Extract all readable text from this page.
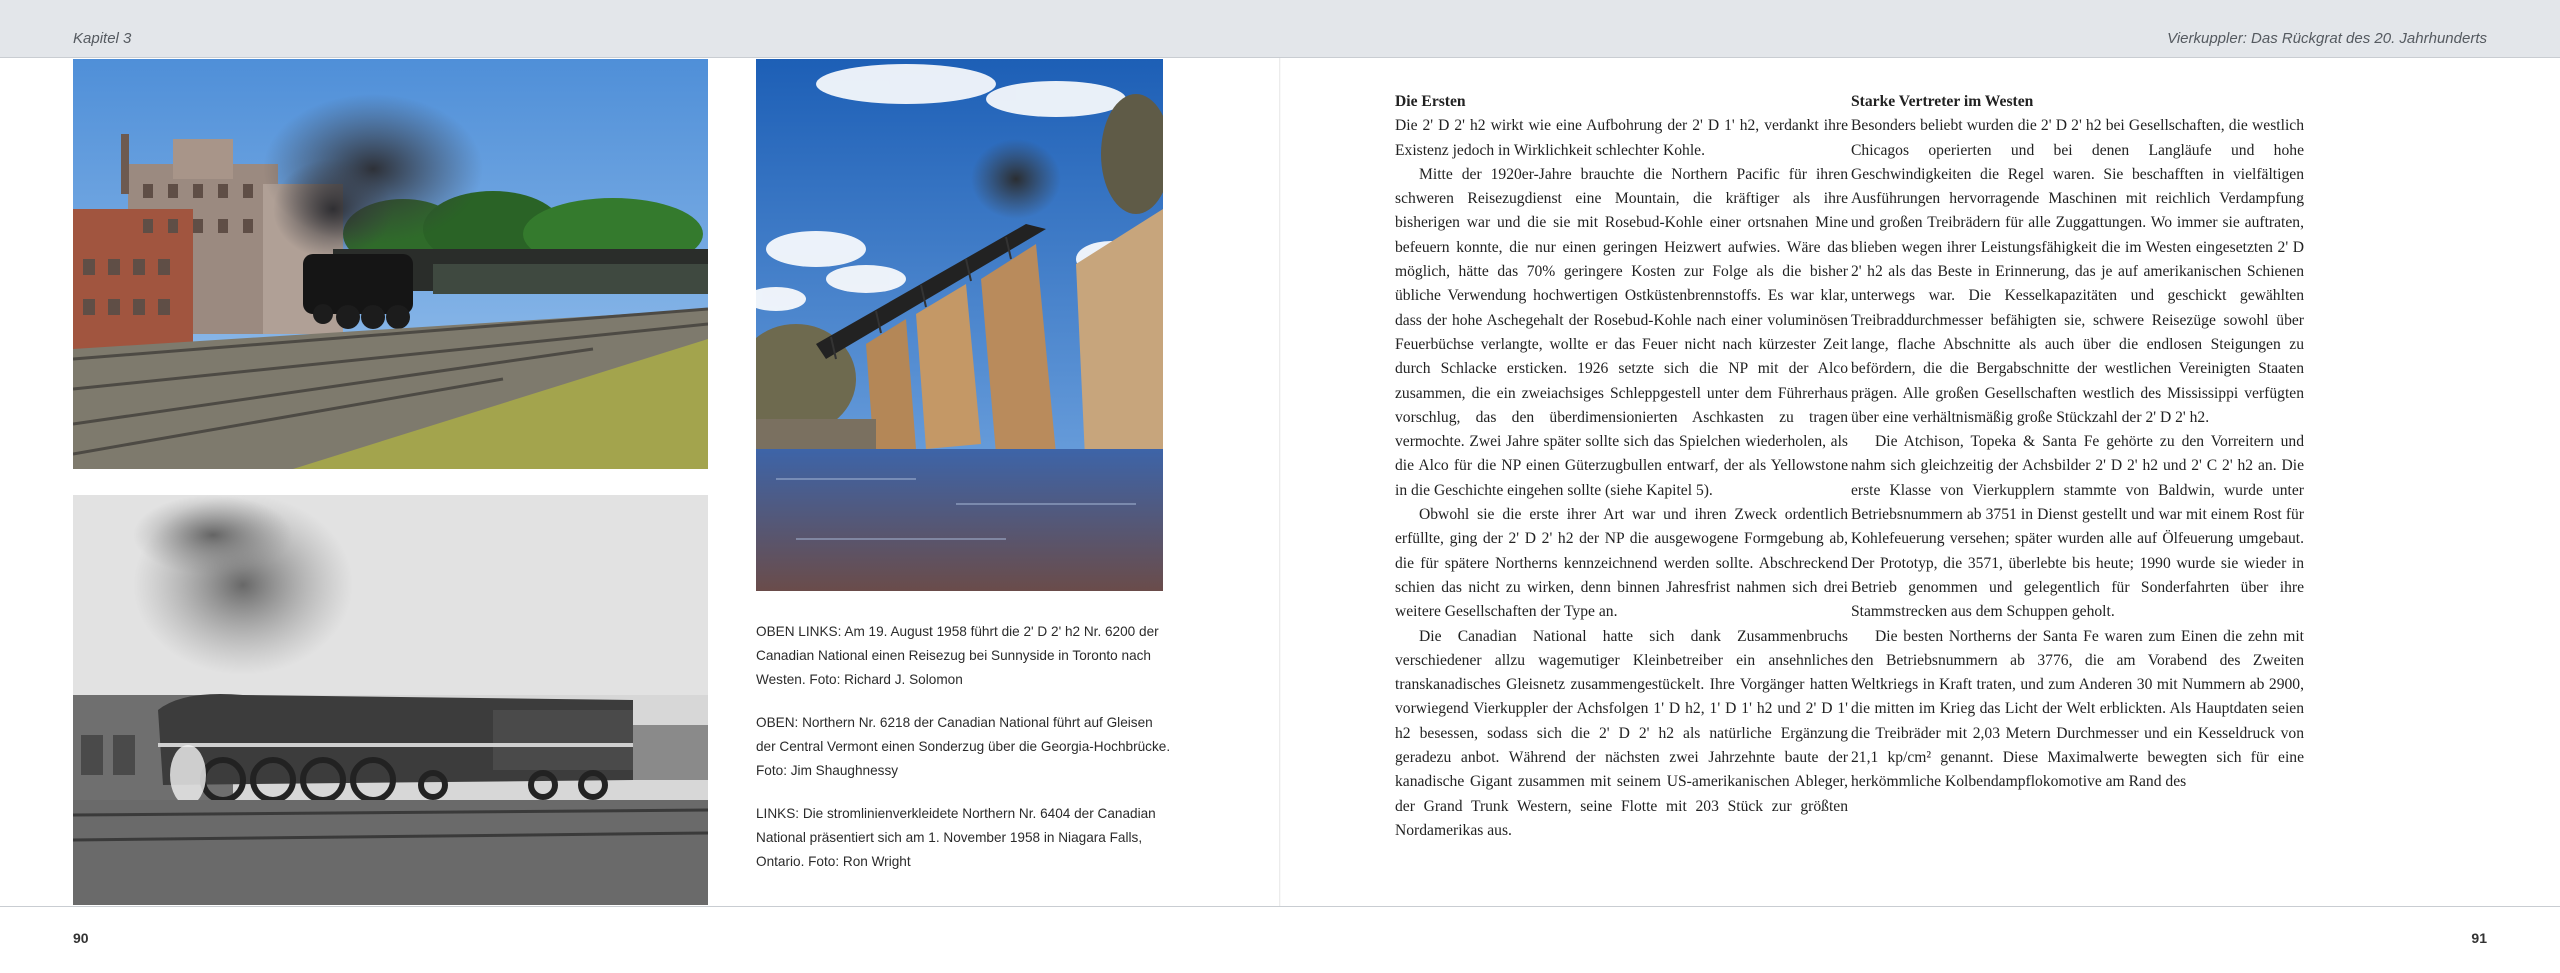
Kapitel 3	Vierkuppler: Das Rückgrat des 20. Jahrhunderts

OBEN LINKS: Am 19. August 1958 führt die 2' D 2' h2 Nr. 6200 der Canadian National einen Reisezug bei Sunnyside in Toronto nach Westen. Foto: Richard J. Solomon

OBEN: Northern Nr. 6218 der Canadian National führt auf Gleisen der Central Vermont einen Sonderzug über die Georgia-Hochbrücke. Foto: Jim Shaughnessy

LINKS: Die stromlinienverkleidete Northern Nr. 6404 der Canadian National präsentiert sich am 1. November 1958 in Niagara Falls, Ontario. Foto: Ron Wright

Die Ersten

Die 2' D 2' h2 wirkt wie eine Aufbohrung der 2' D 1' h2, verdankt ihre Existenz jedoch in Wirklichkeit schlechter Kohle.

Mitte der 1920er-Jahre brauchte die Northern Pacific für ihren schweren Reisezugdienst eine Mountain, die kräftiger als ihre bisherigen war und die sie mit Rosebud-Kohle einer ortsnahen Mine befeuern konnte, die nur einen geringen Heizwert aufwies. Wäre das möglich, hätte das 70% geringere Kosten zur Folge als die bisher übliche Verwendung hochwertigen Ostküstenbrennstoffs. Es war klar, dass der hohe Aschegehalt der Rosebud-Kohle nach einer voluminösen Feuerbüchse verlangte, wollte er das Feuer nicht nach kürzester Zeit durch Schlacke ersticken. 1926 setzte sich die NP mit der Alco zusammen, die ein zweiachsiges Schleppgestell unter dem Führerhaus vorschlug, das den überdimensionierten Aschkasten zu tragen vermochte. Zwei Jahre später sollte sich das Spielchen wiederholen, als die Alco für die NP einen Güterzugbullen entwarf, der als Yellowstone in die Geschichte eingehen sollte (siehe Kapitel 5).

Obwohl sie die erste ihrer Art war und ihren Zweck ordentlich erfüllte, ging der 2' D 2' h2 der NP die ausgewogene Formgebung ab, die für spätere Northerns kennzeichnend werden sollte. Abschreckend schien das nicht zu wirken, denn binnen Jahresfrist nahmen sich drei weitere Gesellschaften der Type an.

Die Canadian National hatte sich dank Zusammenbruchs verschiedener allzu wagemutiger Kleinbetreiber ein ansehnliches transkanadisches Gleisnetz zusammengestückelt. Ihre Vorgänger hatten vorwiegend Vierkuppler der Achsfolgen 1' D h2, 1' D 1' h2 und 2' D 1' h2 besessen, sodass sich die 2' D 2' h2 als natürliche Ergänzung geradezu anbot. Während der nächsten zwei Jahrzehnte baute der kanadische Gigant zusammen mit seinem US-amerikanischen Ableger, der Grand Trunk Western, seine Flotte mit 203 Stück zur größten Nordamerikas aus.

Starke Vertreter im Westen

Besonders beliebt wurden die 2' D 2' h2 bei Gesellschaften, die westlich Chicagos operierten und bei denen Langläufe und hohe Geschwindigkeiten die Regel waren. Sie beschafften in vielfältigen Ausführungen hervorragende Maschinen mit reichlich Verdampfung und großen Treibrädern für alle Zuggattungen. Wo immer sie auftraten, blieben wegen ihrer Leistungsfähigkeit die im Westen eingesetzten 2' D 2' h2 als das Beste in Erinnerung, das je auf amerikanischen Schienen unterwegs war. Die Kesselkapazitäten und geschickt gewählten Treibraddurchmesser befähigten sie, schwere Reisezüge sowohl über lange, flache Abschnitte als auch über die endlosen Steigungen zu befördern, die die Bergabschnitte der westlichen Vereinigten Staaten prägen. Alle großen Gesellschaften westlich des Mississippi verfügten über eine verhältnismäßig große Stückzahl der 2' D 2' h2.

Die Atchison, Topeka & Santa Fe gehörte zu den Vorreitern und nahm sich gleichzeitig der Achsbilder 2' D 2' h2 und 2' C 2' h2 an. Die erste Klasse von Vierkupplern stammte von Baldwin, wurde unter Betriebsnummern ab 3751 in Dienst gestellt und war mit einem Rost für Kohlefeuerung versehen; später wurden alle auf Ölfeuerung umgebaut. Der Prototyp, die 3571, überlebte bis heute; 1990 wurde sie wieder in Betrieb genommen und gelegentlich für Sonderfahrten über ihre Stammstrecken aus dem Schuppen geholt.

Die besten Northerns der Santa Fe waren zum Einen die zehn mit den Betriebsnummern ab 3776, die am Vorabend des Zweiten Weltkriegs in Kraft traten, und zum Anderen 30 mit Nummern ab 2900, die mitten im Krieg das Licht der Welt erblickten. Als Hauptdaten seien die Treibräder mit 2,03 Metern Durchmesser und ein Kesseldruck von 21,1 kp/cm² genannt. Diese Maximalwerte bewegten sich für eine herkömmliche Kolbendampflokomotive am Rand des

90	91
